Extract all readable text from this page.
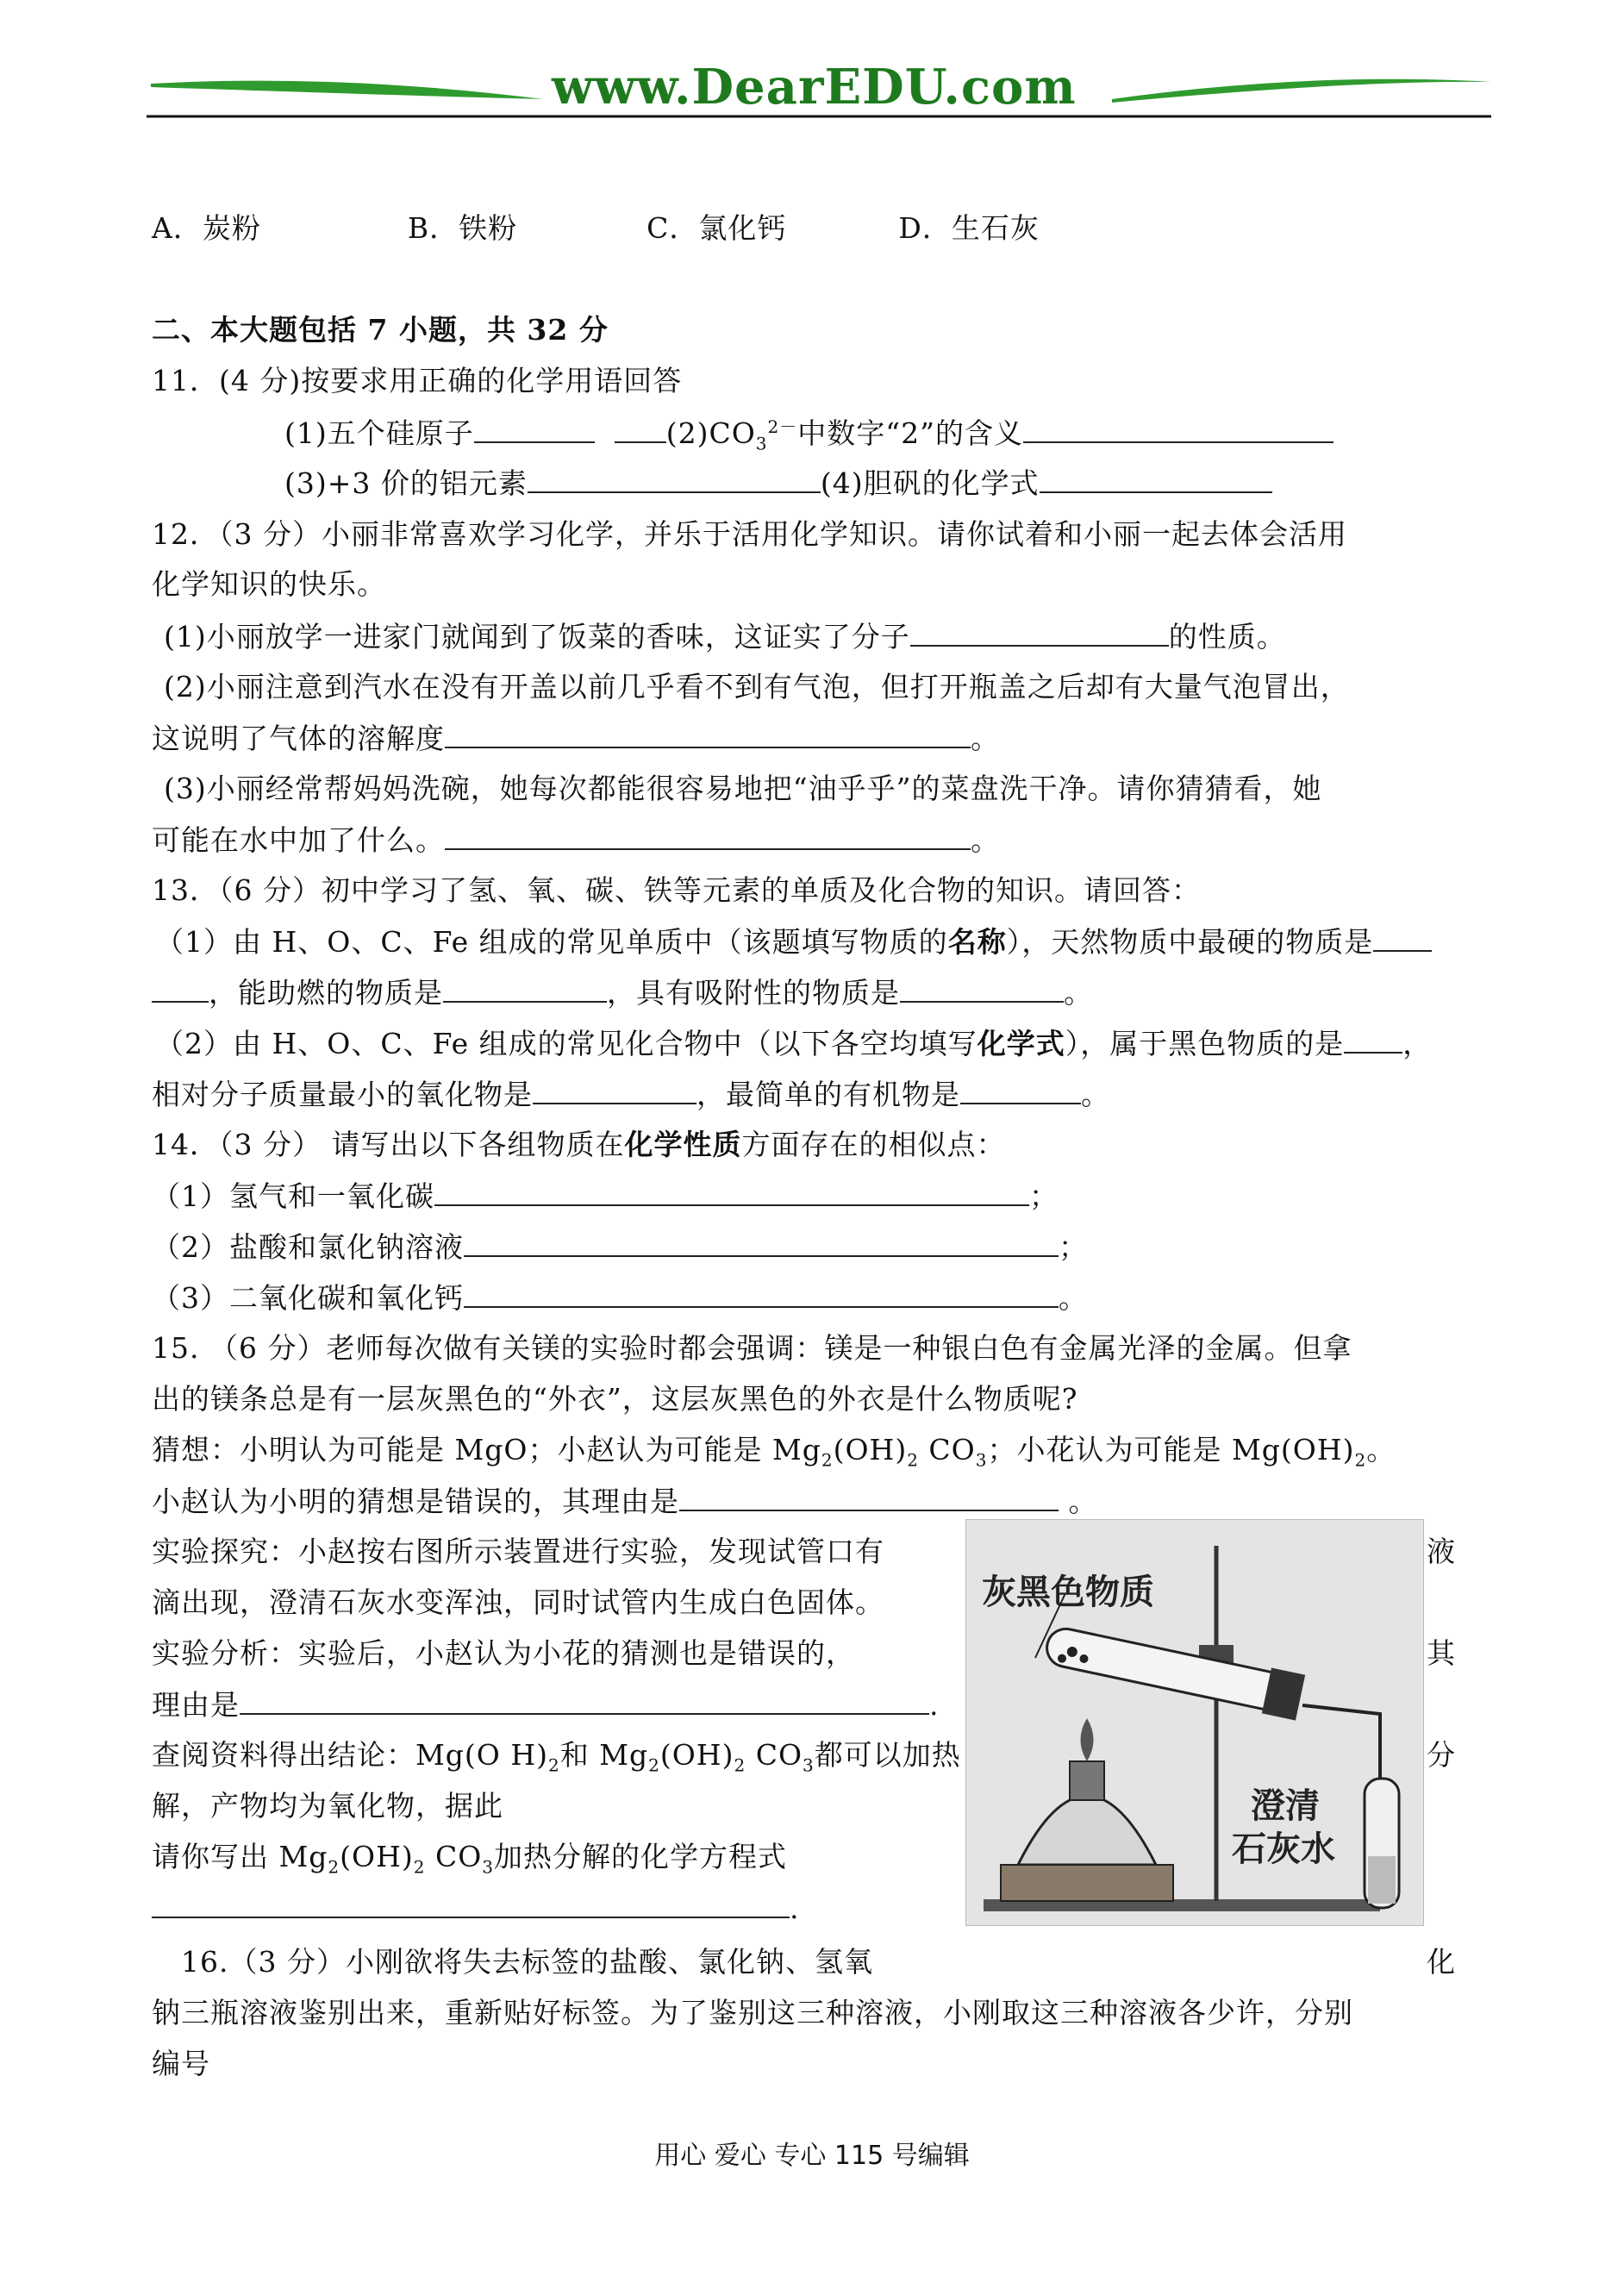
www.DearEDU.com
A．炭粉	B．铁粉	C．氯化钙	D．生石灰
二、本大题包括 7 小题，共 32 分
11．(4 分)按要求用正确的化学用语回答
(1)五个硅原子	$(2)CO_3^{2-}$中数字“2”的含义
(3)+3 价的铝元素	(4)胆矾的化学式
12．（3 分）小丽非常喜欢学习化学，并乐于活用化学知识。请你试着和小丽一起去体会活用
化学知识的快乐。
(1)小丽放学一进家门就闻到了饭菜的香味，这证实了分子	的性质。
(2)小丽注意到汽水在没有开盖以前几乎看不到有气泡，但打开瓶盖之后却有大量气泡冒出，
这说明了气体的溶解度	。
(3)小丽经常帮妈妈洗碗，她每次都能很容易地把“油乎乎”的菜盘洗干净。请你猜猜看，她
可能在水中加了什么。	。
13．（6 分）初中学习了氢、氧、碳、铁等元素的单质及化合物的知识。请回答：
（1）由 H、O、C、Fe 组成的常见单质中（该题填写物质的名称），天然物质中最硬的物质是
，能助燃的物质是	，具有吸附性的物质是	。
（2）由 H、O、C、Fe 组成的常见化合物中（以下各空均填写化学式），属于黑色物质的是 ，
相对分子质量最小的氧化物是	，最简单的有机物是	。
14．（3 分） 请写出以下各组物质在化学性质方面存在的相似点：
（1）氢气和一氧化碳	；
（2）盐酸和氯化钠溶液	；
（3）二氧化碳和氧化钙	。
15. （6 分）老师每次做有关镁的实验时都会强调：镁是一种银白色有金属光泽的金属。但拿
出的镁条总是有一层灰黑色的“外衣”，这层灰黑色的外衣是什么物质呢?
猜想：小明认为可能是 MgO；小赵认为可能是 $Mg_2(OH)_2$ $CO_3$；小花认为可能是 $Mg(OH)_2$。
小赵认为小明的猜想是错误的，其理由是	。
实验探究：小赵按右图所示装置进行实验，发现试管口有	液
滴出现，澄清石灰水变浑浊，同时试管内生成白色固体。
实验分析：实验后，小赵认为小花的猜测也是错误的，	其
理由是	.
查阅资料得出结论：Mg(O $H)_2$和 $Mg_2(OH)_2$ $CO_3$都可以加热	分
解，产物均为氧化物，据此
请你写出 $Mg_2(OH)_2$ $CO_3$加热分解的化学方程式
.
灰黑色物质
澄清
石灰水
16.（3 分）小刚欲将失去标签的盐酸、氯化钠、氢氧	化
钠三瓶溶液鉴别出来，重新贴好标签。为了鉴别这三种溶液，小刚取这三种溶液各少许，分别
编号
用心 爱心 专心 115 号编辑
